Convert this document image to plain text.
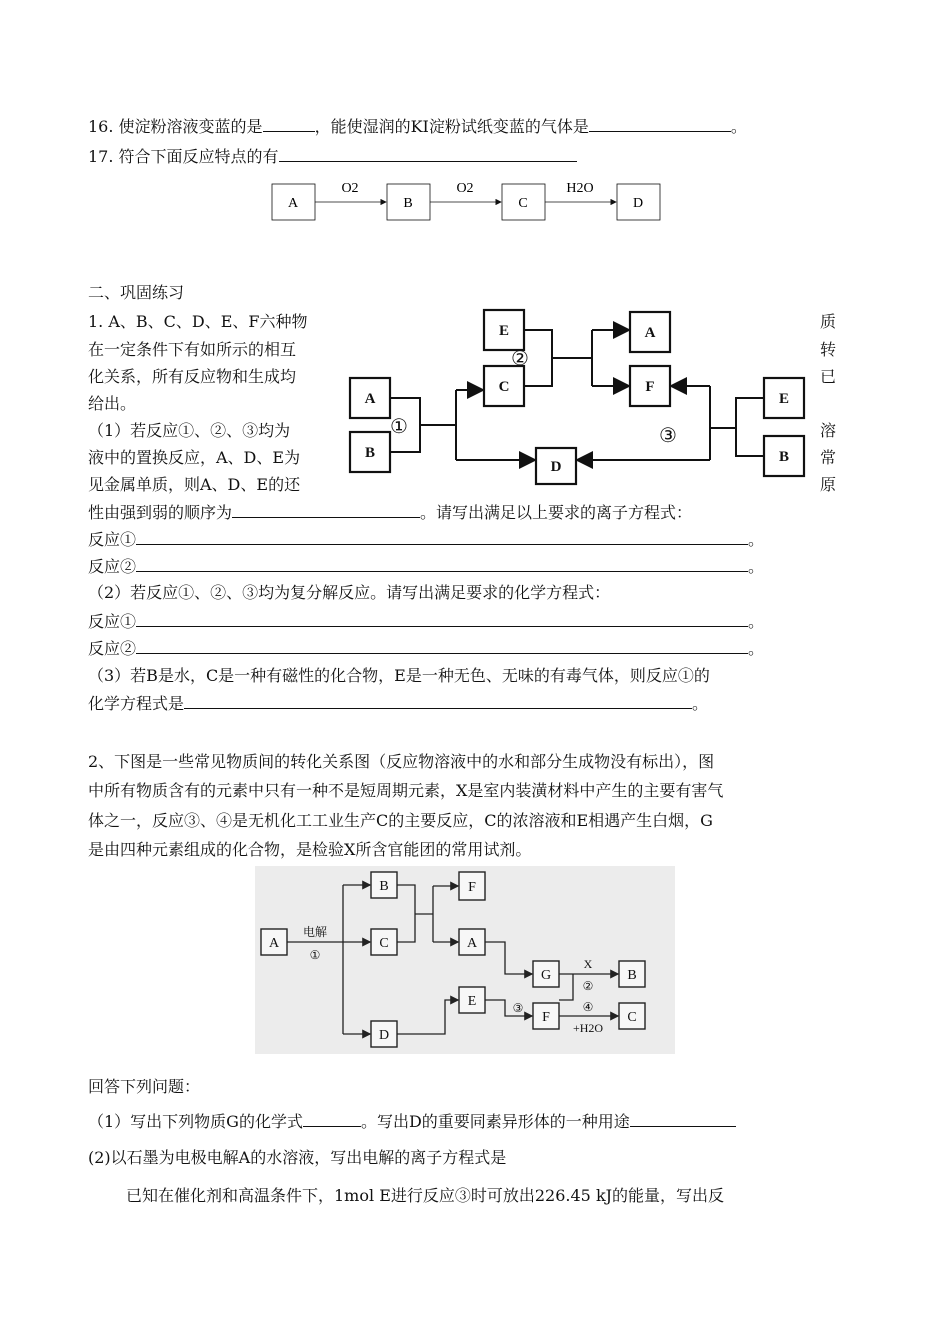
16. 使淀粉溶液变蓝的是	，能使湿润的KI淀粉试纸变蓝的气体是	。
17. 符合下面反应特点的有
A	B	C	D
O2	O2	H2O
二、巩固练习
1. A、B、C、D、E、F六种物
在一定条件下有如所示的相互
化关系，所有反应物和生成均
给出。
（1）若反应①、②、③均为
液中的置换反应，A、D、E为
见金属单质，则A、D、E的还
质
转
已
溶
常
原
E	A
C	F
A	E
B
D
B
①
②
③
性由强到弱的顺序为	。请写出满足以上要求的离子方程式：
反应①	。
反应②	。
（2）若反应①、②、③均为复分解反应。请写出满足要求的化学方程式：
反应①	。
反应②	。
（3）若B是水，C是一种有磁性的化合物，E是一种无色、无味的有毒气体，则反应①的
化学方程式是	。
2、下图是一些常见物质间的转化关系图（反应物溶液中的水和部分生成物没有标出），图
中所有物质含有的元素中只有一种不是短周期元素，X是室内装潢材料中产生的主要有害气
体之一，反应③、④是无机化工工业生产C的主要反应，C的浓溶液和E相遇产生白烟，G
是由四种元素组成的化合物，是检验X所含官能团的常用试剂。
A
B
C
F
A
G	B
E
D
F	C
电解
①
X
②
③	④
+H2O
回答下列问题：
（1）写出下列物质G的化学式	。写出D的重要同素异形体的一种用途
(2)以石墨为电极电解A的水溶液，写出电解的离子方程式是
已知在催化剂和高温条件下，1mol E进行反应③时可放出226.45 kJ的能量，写出反
